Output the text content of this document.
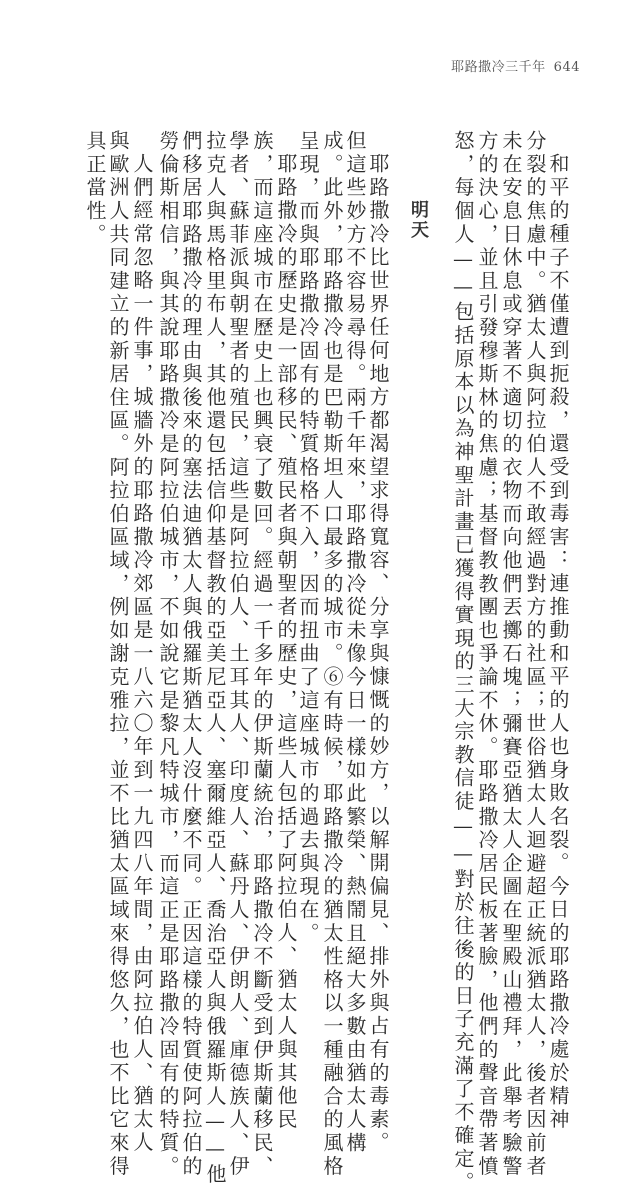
耶路撒冷三千年 644
明天	和平的種子不僅遭到扼殺，還受到毒害：連推動和平的人也身敗名裂。今日的耶路撒冷處於精神
分裂的焦慮中。猶太人與阿拉伯人不敢經過對方的社區；世俗猶太人迴避超正統派猶太人，後者因前者
未在安息日休息或穿著不適切的衣物而向他們丟擲石塊；彌賽亞猶太人企圖在聖殿山禮拜，此舉考驗警
方的決心，並且引發穆斯林的焦慮；基督教教團也爭論不休。耶路撒冷居民板著臉，他們的聲音帶著憤
怒，每個人——包括原本以為神聖計畫已獲得實現的三大宗教信徒——對於往後的日子充滿了不確定。
耶路撒冷比世界任何地方都渴望求得寬容、分享與慷慨的妙方，以解開偏見、排外與占有的毒素。
但這些妙方不容易尋得。兩千年來，耶路撒冷從未像今日一樣如此繁榮、熱鬧且絕大多數由猶太人構
成。此外，耶路撒冷也是巴勒斯坦人口最多的城市。⑥有時候，耶路撒冷的猶太性格以一種融合的風格
呈現，而與耶路撒冷固有的特質格格不入，因而扭曲了這座城市的過去與現在。
耶路撒冷的歷史是一部移民、殖民者與朝聖者的歷史，這些人包括了阿拉伯人、猶太人與其他民
族，而這座城市在歷史上也興衰了數回。經過一千多年的伊斯蘭統治，耶路撒冷不斷受到伊斯蘭移民、
學者、蘇菲派與朝聖者的殖民，這些是阿拉伯人、土耳其人、印度人、蘇丹人、伊朗人、庫德族人、伊
拉克人與馬格里布人，其他還包括信仰基督教的亞美尼亞人、塞爾維亞人、喬治亞人與俄羅斯人——他
們移居耶路撒冷的理由與後來的塞法迪猶太人與俄羅斯猶太人沒什麼不同。正因這樣的特質使阿拉伯的
勞倫斯相信，與其說耶路撒冷是阿拉伯城市，不如說它是黎凡特城市，而這正是耶路撒冷固有的特質。
人們經常忽略一件事，城牆外的耶路撒冷郊區是一八六〇年到一九四八年間，由阿拉伯人、猶太人
與歐洲人共同建立的新居住區。阿拉伯區域，例如謝克雅拉，並不比猶太區域來得悠久，也不比它來得
具正當性。
